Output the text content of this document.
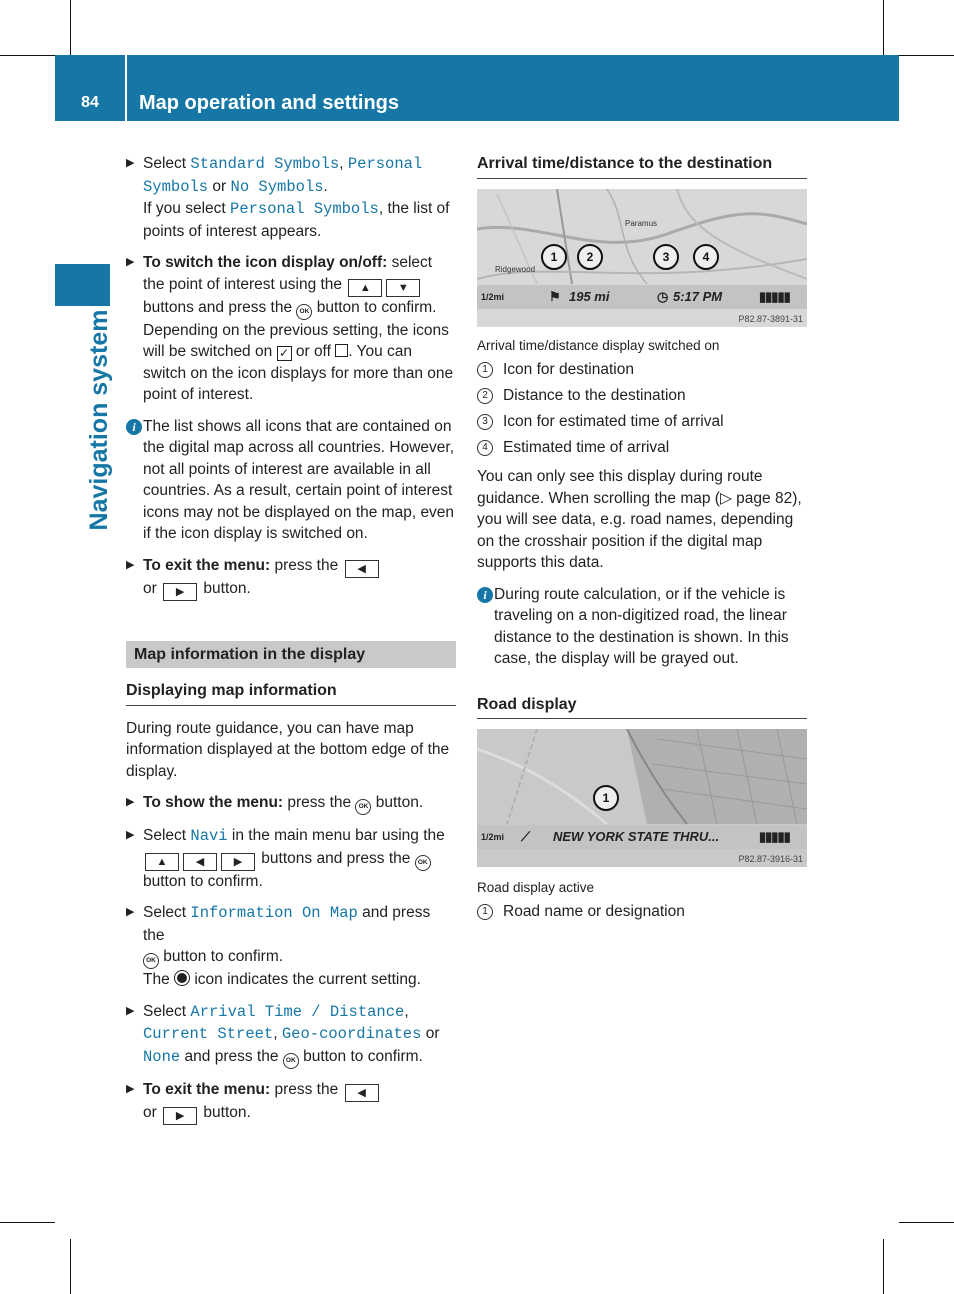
84	Map operation and settings
Navigation system
▶ Select Standard Symbols, Personal Symbols or No Symbols.
If you select Personal Symbols, the list of points of interest appears.
▶ To switch the icon display on/off: select the point of interest using the ▲ ▼ buttons and press the OK button to confirm. Depending on the previous setting, the icons will be switched on ✓ or off . You can switch on the icon displays for more than one point of interest.
i The list shows all icons that are contained on the digital map across all countries. However, not all points of interest are available in all countries. As a result, certain point of interest icons may not be displayed on the map, even if the icon display is switched on.
▶ To exit the menu: press the ◀
or ▶ button.
Map information in the display
Displaying map information

During route guidance, you can have map information displayed at the bottom edge of the display.

▶ To show the menu: press the OK button.
▶ Select Navi in the main menu bar using the
▲	◀	▶ buttons and press the OK
button to confirm.
▶ Select Information On Map and press the
OK button to confirm.
The
icon indicates the current setting.
▶ Select Arrival Time / Distance,
Current Street, Geo-coordinates or
None and press the OK button to confirm.
▶ To exit the menu: press the ◀
or ▶ button.
Arrival time/distance to the destination
Ridgewood
Paramus
1	2	3	4
1/2mi	⚑ 195 mi	◷ 5:17 PM	▮▮▮▮▮
P82.87-3891-31
Arrival time/distance display switched on
1 Icon for destination
2 Distance to the destination
3 Icon for estimated time of arrival
4 Estimated time of arrival

You can only see this display during route guidance. When scrolling the map (▷ page 82), you will see data, e.g. road names, depending on the crosshair position if the digital map supports this data.

i During route calculation, or if the vehicle is traveling on a non-digitized road, the linear distance to the destination is shown. In this case, the display will be grayed out.
Road display
1
1/2mi ⟋ NEW YORK STATE THRU...	▮▮▮▮▮
P82.87-3916-31
Road display active
1 Road name or designation
